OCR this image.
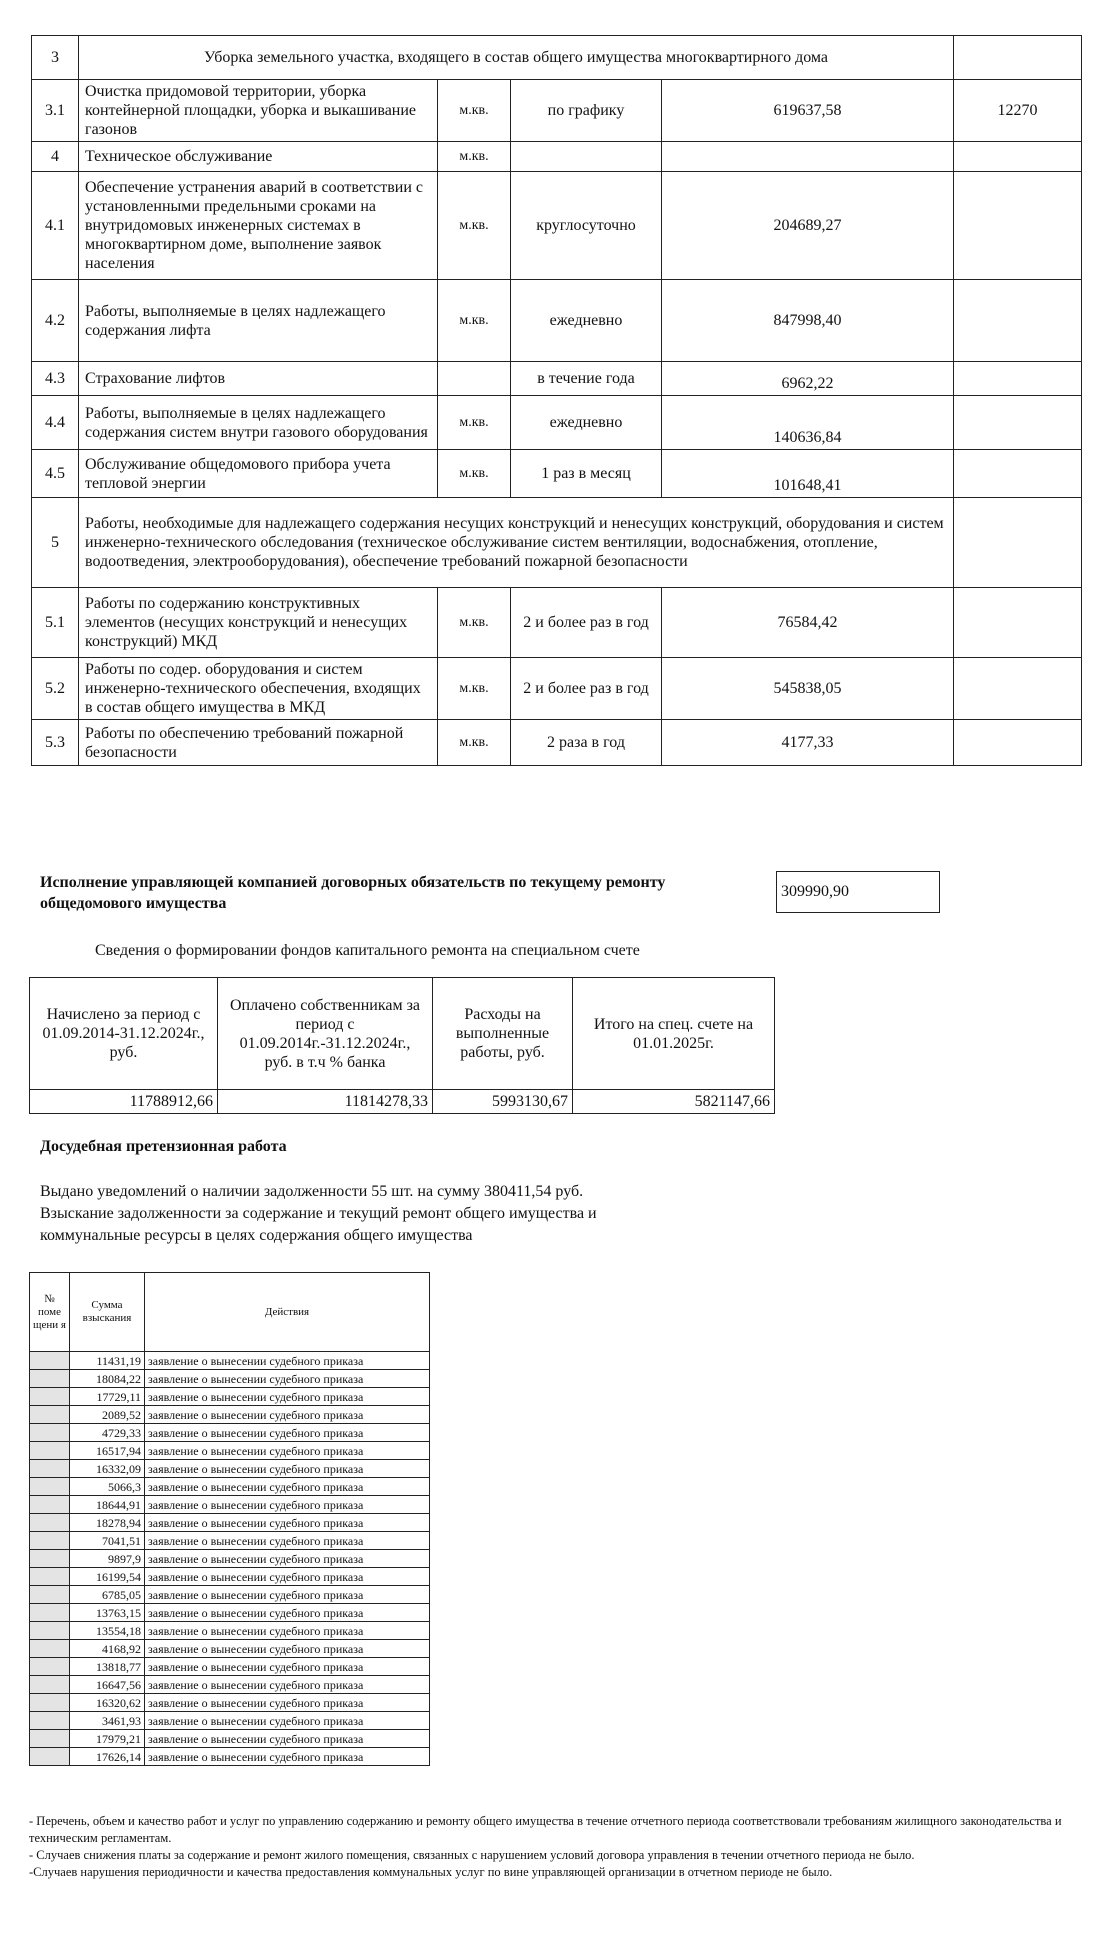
3	Уборка земельного участка, входящего в состав общего имущества многоквартирного дома				
3.1	Очистка придомовой территории, уборка контейнерной площадки, уборка и выкашивание газонов	м.кв.	по графику	619637,58	12270
4	Техническое обслуживание	м.кв.			
4.1	Обеспечение устранения аварий в соответствии с установленными предельными сроками на внутридомовых инженерных системах в многоквартирном доме, выполнение заявок населения	м.кв.	круглосуточно	204689,27	
4.2	Работы, выполняемые в целях надлежащего содержания лифта	м.кв.	ежедневно	847998,40	
4.3	Страхование лифтов		в течение года	6962,22	
4.4	Работы, выполняемые в целях надлежащего содержания систем внутри газового оборудования	м.кв.	ежедневно	140636,84	
4.5	Обслуживание общедомового прибора учета тепловой энергии	м.кв.	1 раз в месяц	101648,41	
5	Работы, необходимые для надлежащего содержания несущих конструкций и ненесущих конструкций, оборудования и систем инженерно-технического обследования (техническое обслуживание систем вентиляции, водоснабжения, отопление, водоотведения, электрооборудования), обеспечение требований пожарной безопасности				
5.1	Работы по содержанию конструктивных элементов (несущих конструкций и ненесущих конструкций) МКД	м.кв.	2 и более раз в год	76584,42	
5.2	Работы по содер. оборудования и систем инженерно-технического обеспечения, входящих в состав общего имущества в МКД	м.кв.	2 и более раз в год	545838,05	
5.3	Работы по обеспечению требований пожарной безопасности	м.кв.	2 раза в год	4177,33	
Исполнение управляющей компанией договорных обязательств по текущему ремонту общедомового имущества
309990,90
Сведения о формировании фондов капитального ремонта на специальном счете
Начислено за период с 01.09.2014-31.12.2024г., руб.	Оплачено собственникам за период с 01.09.2014г.-31.12.2024г., руб. в т.ч % банка	Расходы на выполненные работы, руб.	Итого на спец. счете на 01.01.2025г.
11788912,66	11814278,33	5993130,67	5821147,66
Досудебная претензионная работа
Выдано уведомлений о наличии задолженности 55 шт. на сумму 380411,54 руб.
Взыскание задолженности за содержание и текущий ремонт общего имущества и
коммунальные ресурсы в целях содержания общего имущества
№ поме щени я	Сумма взыскания	Действия
	11431,19	заявление о вынесении судебного приказа
	18084,22	заявление о вынесении судебного приказа
	17729,11	заявление о вынесении судебного приказа
	2089,52	заявление о вынесении судебного приказа
	4729,33	заявление о вынесении судебного приказа
	16517,94	заявление о вынесении судебного приказа
	16332,09	заявление о вынесении судебного приказа
	5066,3	заявление о вынесении судебного приказа
	18644,91	заявление о вынесении судебного приказа
	18278,94	заявление о вынесении судебного приказа
	7041,51	заявление о вынесении судебного приказа
	9897,9	заявление о вынесении судебного приказа
	16199,54	заявление о вынесении судебного приказа
	6785,05	заявление о вынесении судебного приказа
	13763,15	заявление о вынесении судебного приказа
	13554,18	заявление о вынесении судебного приказа
	4168,92	заявление о вынесении судебного приказа
	13818,77	заявление о вынесении судебного приказа
	16647,56	заявление о вынесении судебного приказа
	16320,62	заявление о вынесении судебного приказа
	3461,93	заявление о вынесении судебного приказа
	17979,21	заявление о вынесении судебного приказа
	17626,14	заявление о вынесении судебного приказа
- Перечень, объем и качество работ и услуг по управлению содержанию и ремонту общего имущества в течение отчетного периода соответствовали требованиям жилищного законодательства и техническим регламентам.
- Случаев снижения платы за содержание и ремонт жилого помещения, связанных с нарушением условий договора управления в течении отчетного периода не было.
-Случаев нарушения периодичности и качества предоставления коммунальных услуг по вине управляющей организации в отчетном периоде не было.
